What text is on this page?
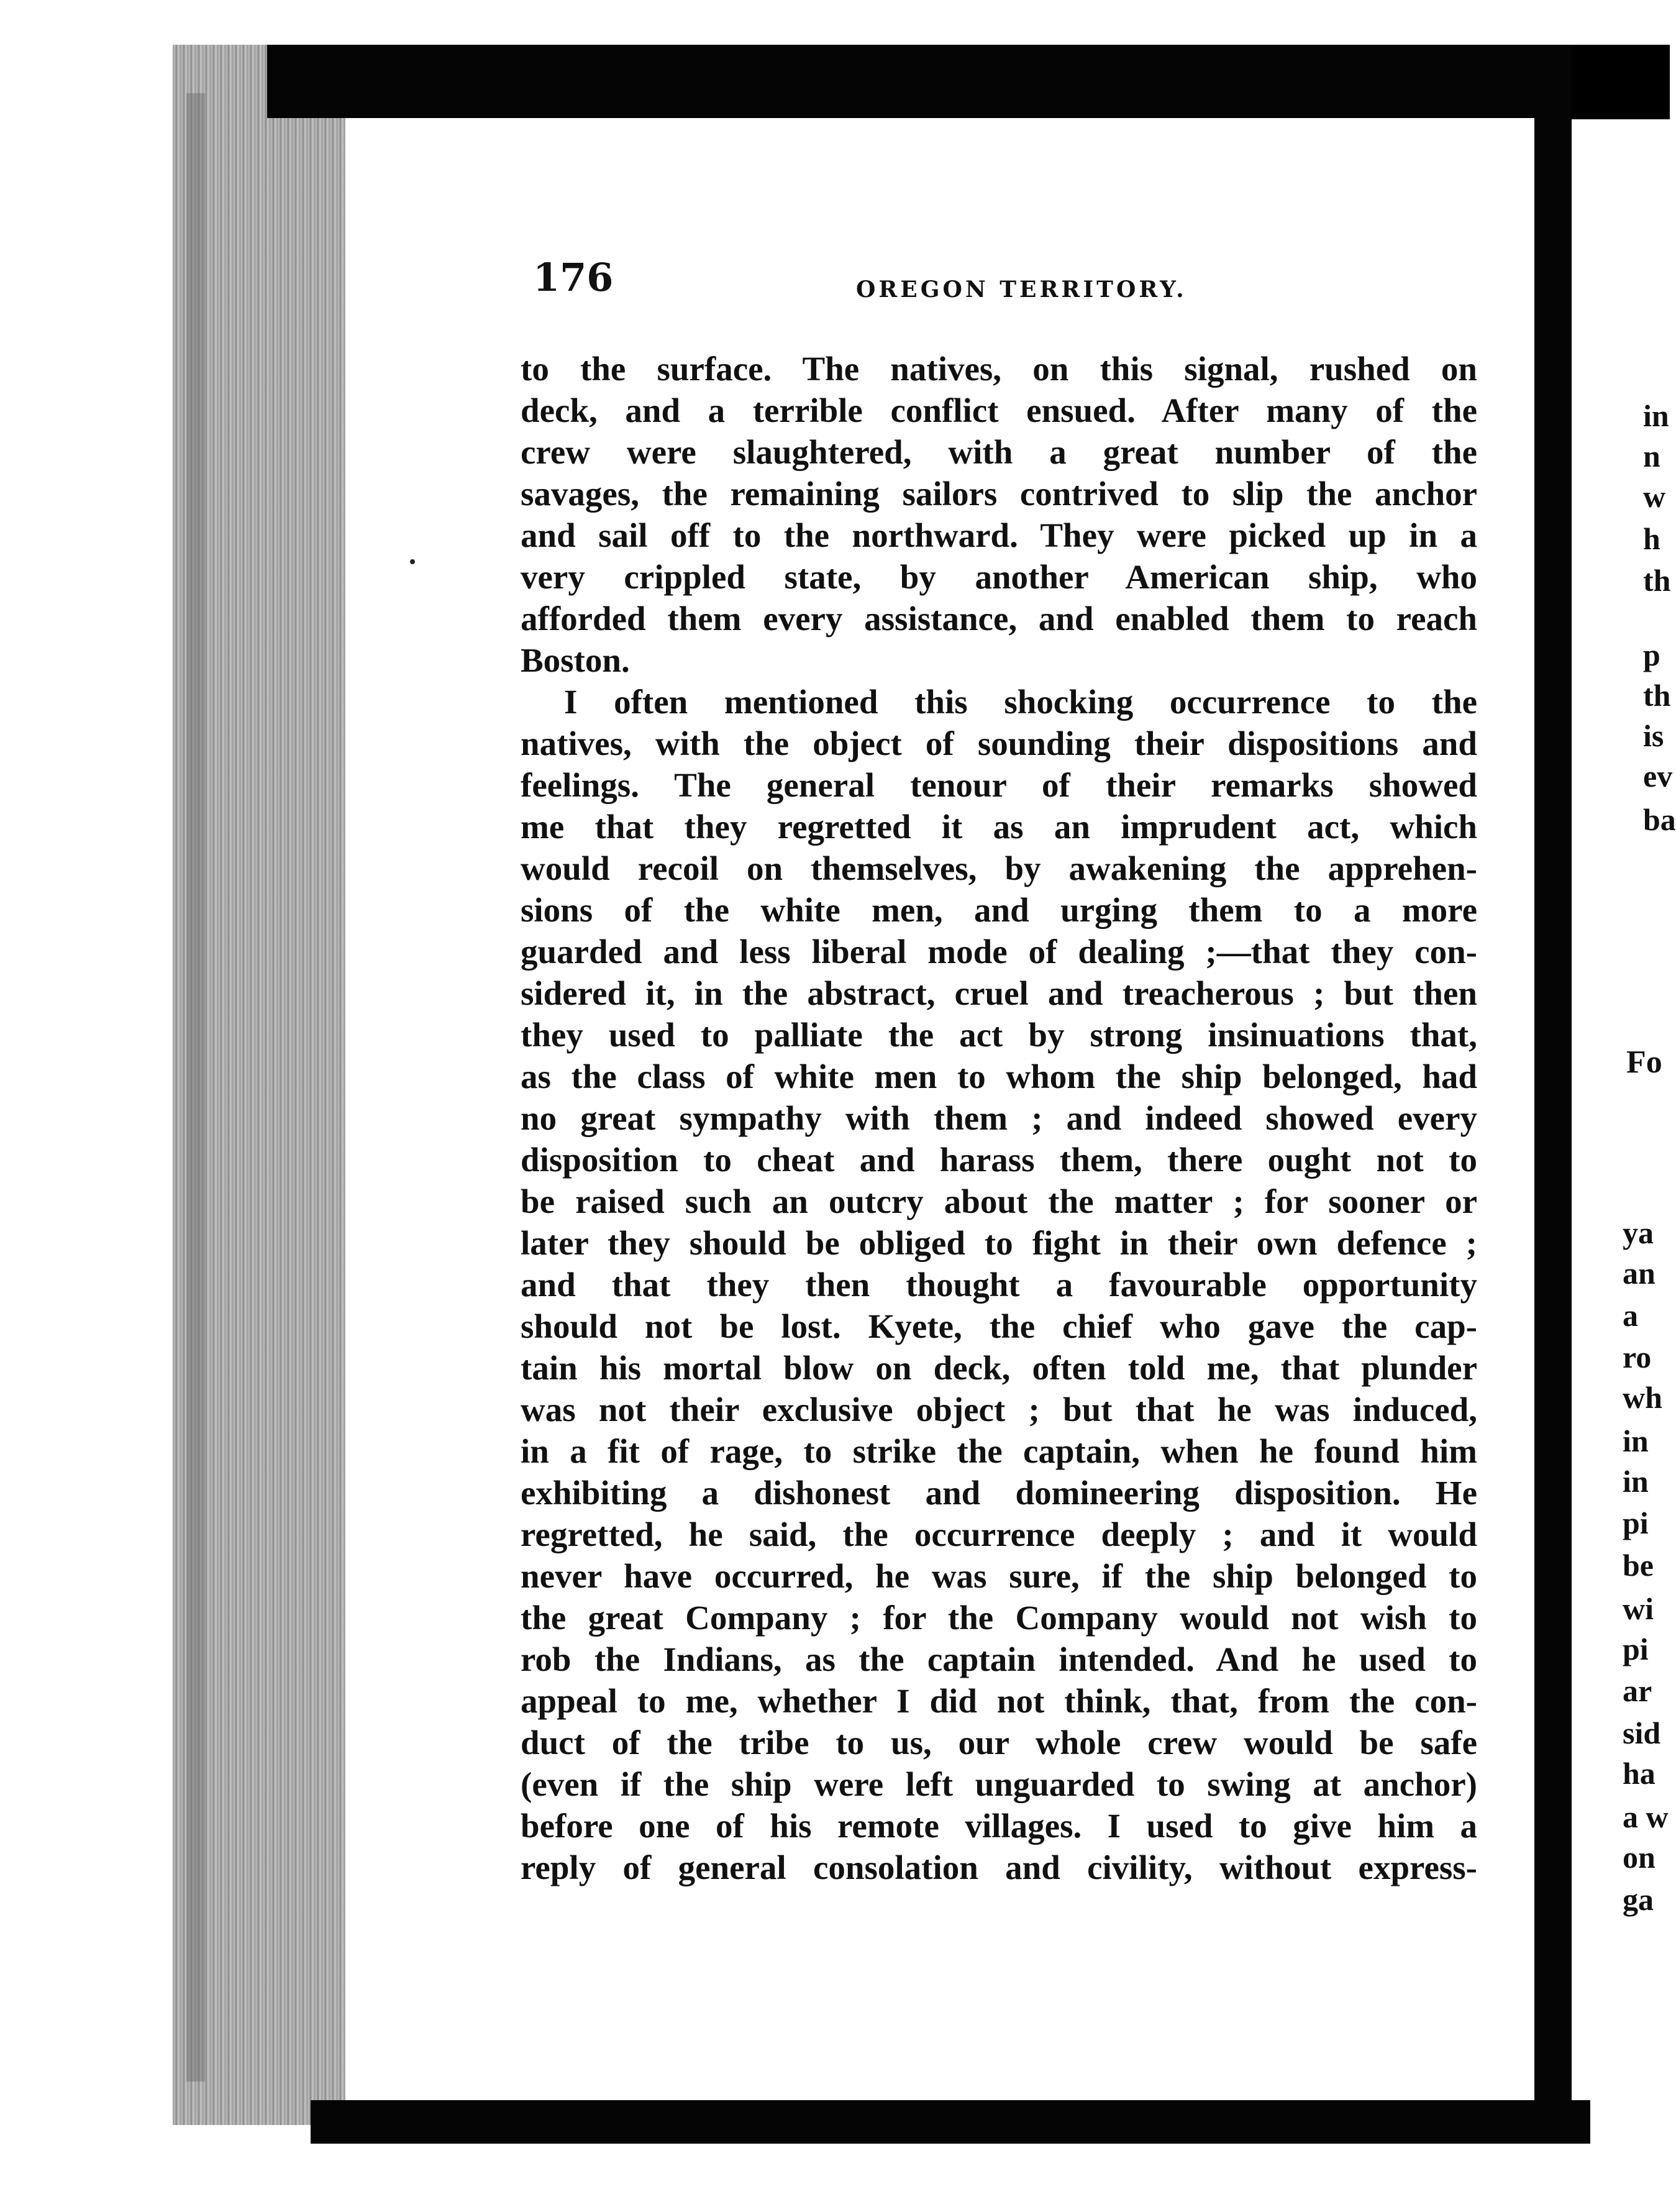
176	OREGON TERRITORY.
to the surface. The natives, on this signal, rushed on
deck, and a terrible conflict ensued. After many of the
crew were slaughtered, with a great number of the
savages, the remaining sailors contrived to slip the anchor
and sail off to the northward. They were picked up in a
very crippled state, by another American ship, who
afforded them every assistance, and enabled them to reach
Boston.
I often mentioned this shocking occurrence to the
natives, with the object of sounding their dispositions and
feelings. The general tenour of their remarks showed
me that they regretted it as an imprudent act, which
would recoil on themselves, by awakening the apprehen-
sions of the white men, and urging them to a more
guarded and less liberal mode of dealing ;—that they con-
sidered it, in the abstract, cruel and treacherous ; but then
they used to palliate the act by strong insinuations that,
as the class of white men to whom the ship belonged, had
no great sympathy with them ; and indeed showed every
disposition to cheat and harass them, there ought not to
be raised such an outcry about the matter ; for sooner or
later they should be obliged to fight in their own defence ;
and that they then thought a favourable opportunity
should not be lost. Kyete, the chief who gave the cap-
tain his mortal blow on deck, often told me, that plunder
was not their exclusive object ; but that he was induced,
in a fit of rage, to strike the captain, when he found him
exhibiting a dishonest and domineering disposition. He
regretted, he said, the occurrence deeply ; and it would
never have occurred, he was sure, if the ship belonged to
the great Company ; for the Company would not wish to
rob the Indians, as the captain intended. And he used to
appeal to me, whether I did not think, that, from the con-
duct of the tribe to us, our whole crew would be safe
(even if the ship were left unguarded to swing at anchor)
before one of his remote villages. I used to give him a
reply of general consolation and civility, without express-
in
n
w
h
th
p
th
is
ev
ba
ya
an
a
ro
wh
in
in
pi
be
wi
pi
ar
sid
ha
a w
on
ga
Fo
